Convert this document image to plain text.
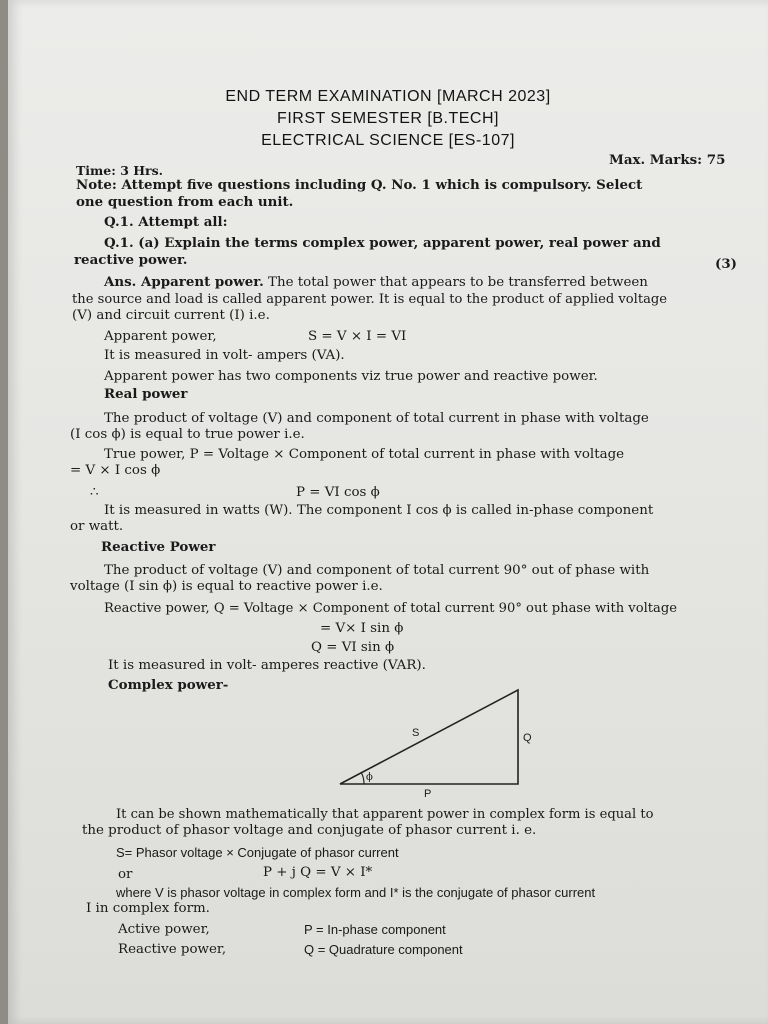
END TERM EXAMINATION [MARCH 2023]
FIRST SEMESTER [B.TECH]
ELECTRICAL SCIENCE [ES-107]
Time: 3 Hrs.
Max. Marks: 75
Note: Attempt five questions including Q. No. 1 which is compulsory. Select
one question from each unit.
Q.1. Attempt all:
Q.1. (a) Explain the terms complex power, apparent power, real power and
reactive power.	(3)
Ans. Apparent power. The total power that appears to be transferred between
the source and load is called apparent power. It is equal to the product of applied voltage
(V) and circuit current (I) i.e.
Apparent power,	S = V × I = VI
It is measured in volt- ampers (VA).
Apparent power has two components viz true power and reactive power.
Real power
The product of voltage (V) and component of total current in phase with voltage
(I cos ϕ) is equal to true power i.e.
True power, P = Voltage × Component of total current in phase with voltage
= V × I cos ϕ
∴	P = VI cos ϕ
It is measured in watts (W). The component I cos ϕ is called in-phase component
or watt.
Reactive Power
The product of voltage (V) and component of total current 90° out of phase with
voltage (I sin ϕ) is equal to reactive power i.e.
Reactive power, Q = Voltage × Component of total current 90° out phase with voltage
= V× I sin ϕ
Q = VI sin ϕ
It is measured in volt- amperes reactive (VAR).
Complex power-
S	Q
P
ϕ
It can be shown mathematically that apparent power in complex form is equal to
the product of phasor voltage and conjugate of phasor current i. e.
S= Phasor voltage × Conjugate of phasor current
or	P + j Q = V × I*
where V is phasor voltage in complex form and I* is the conjugate of phasor current
I in complex form.
Active power,	P = In-phase component
Reactive power,	Q = Quadrature component
